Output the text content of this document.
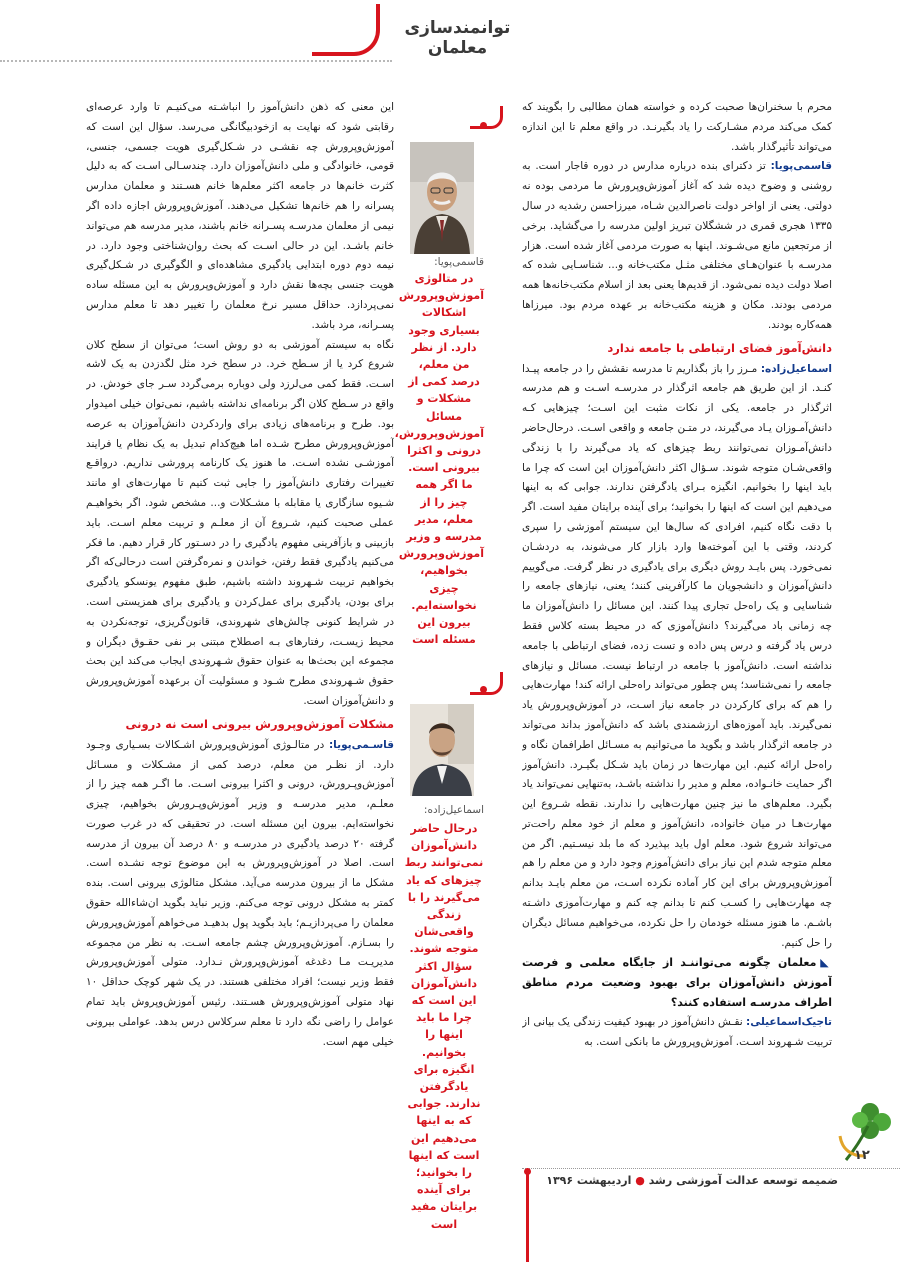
.......
توانمندسازی معلمان

محرم با سخنران‌ها صحبت کرده و خواسته همان مطالبی را بگویند که کمک می‌کند مردم مشـارکت را یاد بگیرنـد. در واقع معلم تا این اندازه می‌تواند تأثیرگذار باشد.

قاسمی‌پویا: تز دکترای بنده درباره مدارس در دوره قاجار است. به روشنی و وضوح دیده شد که آغاز آموزش‌وپرورش ما مردمی بوده نه دولتی. یعنی از اواخر دولت ناصرالدین شـاه، میرزاحسن رشدیه در سال ۱۳۳۵ هجری قمری در ششگلان تبریز اولین مدرسه را می‌گشاید. برخی از مرتجعین مانع می‌شـوند. اینها به صورت مردمی آغاز شده است. هزار مدرسـه با عنوان‌هـای مختلفی مثـل مکتب‌خانه و... شناسـایی شده که اصلا دولت دیده نمی‌شود. از قدیم‌ها یعنی بعد از اسلام مکتب‌خانه‌ها همه مردمی بودند. مکان و هزینه مکتب‌خانه بر عهده مردم بود. میرزاها همه‌کاره بودند.

دانش‌آموز فضای ارتباطی با جامعه ندارد

اسماعیل‌زاده: مـرز را باز بگذاریم تا مدرسه نقشش را در جامعه پیـدا کنـد. از این طریق هم جامعه اثرگذار در مدرسـه اسـت و هم مدرسه اثرگذار در جامعه. یکی از نکات مثبت این اسـت؛ چیزهایی کـه دانش‌آمـوزان یـاد می‌گیرند، در متـن جامعه و واقعی اسـت. درحال‌حاضر دانش‌آمـوزان نمی‌توانند ربط چیزهای که یاد می‌گیرند را با زندگی واقعی‌شـان متوجه شوند. سـؤال اکثر دانش‌آموزان این است که چرا ما باید اینها را بخوانیم. انگیزه بـرای یادگرفتن ندارند. جوابی که به اینها می‌دهیم این است که اینها را بخوانید؛ برای آینده برایتان مفید است. اگر با دقت نگاه کنیم، افرادی که سال‌ها این سیستم آموزشی را سپری کردند، وقتی با این آموخته‌ها وارد بازار کار می‌شوند، به دردشـان نمی‌خورد. پس بایـد روش دیگری برای یادگیری در نظر گرفت. می‌گوییم دانش‌آموزان و دانشجویان ما کارآفرینی کنند؛ یعنی، نیازهای جامعه را شناسایی و یک راه‌حل تجاری پیدا کنند. این مسائل را دانش‌آموزان ما چه زمانی باد می‌گیرند؟ دانش‌آموزی که در محیط بسته کلاس فقط درس یاد گرفته و درس پس داده و تست زده، فضای ارتباطی با جامعه نداشته است. دانش‌آموز با جامعه در ارتباط نیست. مسائل و نیازهای جامعه را نمی‌شناسد؛ پس چطور می‌تواند راه‌حلی ارائه کند! مهارت‌هایی را هم که برای کارکردن در جامعه نیاز اسـت، در آموزش‌وپرورش یاد نمی‌گیرند. باید آموزه‌های ارزشمندی باشد که دانش‌آموز بداند می‌تواند در جامعه اثرگذار باشد و بگوید ما می‌توانیم به مسـائل اطرافمان نگاه و راه‌حل ارائه کنیم. این مهارت‌ها در زمان باید شـکل بگیـرد. دانش‌آموز اگر حمایت خانـواده، معلم و مدیر را نداشته باشـد، به‌تنهایی نمی‌تواند یاد بگیرد. معلم‌های ما نیز چنین مهارت‌هایی را ندارند. نقطه شـروع این مهارت‌هـا در میان خانواده، دانش‌آموز و معلم از خود معلم راحت‌تر می‌تواند شروع شود. معلم اول باید بپذیرد که ما بلد نیسـتیم. اگر من معلم متوجه شدم این نیاز برای دانش‌آموزم وجود دارد و من معلم را هم آموزش‌وپرورش برای این کار آماده نکرده اسـت، من معلم بایـد بدانم چه مهارت‌هایی را کسـب کنم تا بدانم چه کنم و مهارت‌آموزی داشـته باشـم. ما هنوز مسئله خودمان را حل نکرده، می‌خواهیم مسائل دیگران را حل کنیم.

◣ معلمان چگونه می‌تواننـد از جایگاه معلمی و فرصت آموزش دانش‌آموزان برای بهبود وضعیت مردم مناطق اطراف مدرسـه استفاده کنند؟

تاجیک‌اسماعیلی: نقـش دانش‌آموز در بهبود کیفیت زندگی یک بیانی از تربیت شـهروند اسـت. آموزش‌وپرورش ما بانکی است. به

این معنی که ذهن دانش‌آموز را انباشـته می‌کنیـم تا وارد عرصه‌ای رقابتی شود که نهایت به ازخودبیگانگی می‌رسد. سؤال این است که آموزش‌وپرورش چه نقشـی در شـکل‌گیری هویت جسمی، جنسی، قومی، خانوادگی و ملی دانش‌آموزان دارد. چندسـالی اسـت که به دلیل کثرت خانم‌ها در جامعه اکثر معلم‌ها خانم هسـتند و معلمان مدارس پسرانه را هم خانم‌ها تشکیل می‌دهند. آموزش‌وپرورش اجازه داده اگر نیمی از معلمان مدرسـه پسـرانه خانم باشند، مدیر مدرسه هم می‌تواند خانم باشـد. این در حالی اسـت که بحث روان‌شناختی وجود دارد. در نیمه دوم دوره ابتدایی یادگیری مشاهده‌ای و الگوگیری در شـکل‌گیری هویت جنسی بچه‌ها نقش دارد و آموزش‌وپرورش به این مسئله ساده نمی‌پردازد. حداقل مسیر نرخ معلمان را تغییر دهد تا معلم مدارس پسـرانه، مرد باشد.

نگاه به سیستم آموزشی به دو روش است؛ می‌توان از سطح کلان شروع کرد یا از سـطح خرد. در سطح خرد مثل لگدزدن به یک لاشه اسـت. فقط کمی می‌لرزد ولی دوباره برمی‌گردد سـر جای خودش. در واقع در سـطح کلان اگر برنامه‌ای نداشته باشیم، نمی‌توان خیلی امیدوار بود. طرح و برنامه‌های زیادی برای واردکردن دانش‌آموزان به عرصه آموزش‌وپرورش مطرح شـده اما هیچ‌کدام تبدیل به یک نظام یا فرایند آموزشـی نشده اسـت. ما هنوز یک کارنامه پرورشی نداریم. درواقـع تغییرات رفتاری دانش‌آموز را جایی ثبت کنیم تا مهارت‌های او مانند شـیوه سازگاری یا مقابله با مشـکلات و... مشخص شود. اگر بخواهیـم عملی صحبت کنیم، شـروع آن از معلـم و تربیت معلم اسـت. باید بازبینی و بازآفرینی مفهوم یادگیری را در دسـتور کار قرار دهیم. ما فکر می‌کنیم یادگیری فقط رفتن، خواندن و نمره‌گرفتن است درحالی‌که اگر بخواهیم تربیت شـهروند داشته باشیم، طبق مفهوم یونسکو یادگیری برای بودن، یادگیری برای عمل‌کردن و یادگیری برای همزیستی است. در شرایط کنونی چالش‌های شهروندی، قانون‌گریزی، توجه‌نکردن به محیط زیسـت، رفتارهای بـه اصطلاح مبتنی بر نفی حقـوق دیگران و مجموعه این بحث‌ها به عنوان حقوق شـهروندی ایجاب می‌کند این بحث حقوق شـهروندی مطرح شـود و مسئولیت آن برعهده آموزش‌وپرورش و دانش‌آموزان است.

مشکلات آموزش‌وپرورش بیرونی است نه درونی

قاسـمی‌پویا: در متالـوژی آموزش‌وپرورش اشـکالات بسـیاری وجـود دارد. از نظـر من معلم، درصد کمی از مشـکلات و مسـائل آموزش‌وپـرورش، درونی و اکثرا بیرونی اسـت. ما اگـر همه چیز را از معلـم، مدیر مدرسـه و وزیر آموزش‌وپـرورش بخواهیم، چیزی نخواسته‌ایم. بیرون این مسئله است. در تحقیقی که در غرب صورت گرفته ۲۰ درصد یادگیری در مدرسـه و ۸۰ درصد آن بیرون از مدرسه است. اصلا در آموزش‌وپرورش به این موضوع توجه نشـده است. مشکل ما از بیرون مدرسه می‌آید. مشکل متالوژی بیرونی است. بنده کمتر به مشکل درونی توجه می‌کنم. وزیر نباید بگوید ان‌شاءالله حقوق معلمان را می‌پردازیـم؛ باید بگوید پول بدهیـد می‌خواهم آموزش‌وپرورش را بسـازم. آموزش‌وپرورش چشم جامعه اسـت. به نظر من مجموعه مدیریـت مـا دغدغه آموزش‌وپرورش نـدارد. متولی آموزش‌وپرورش فقط وزیر نیست؛ افراد مختلفی هستند. در یک شهر کوچک حداقل ۱۰ نهاد متولی آموزش‌وپرورش هسـتند. رئیس آموزش‌وپروش باید تمام عوامل را راضی نگه دارد تا معلم سرکلاس درس بدهد. عواملی بیرونی خیلی مهم است.

قاسمی‌پویا:
در متالوژی آموزش‌وپرورش اشکالات بسیاری وجود دارد. از نظر من معلم، درصد کمی از مشکلات و مسائل آموزش‌وپرورش، درونی و اکثرا بیرونی است. ما اگر همه چیز را از معلم، مدیر مدرسه و وزیر آموزش‌وپرورش بخواهیم، چیزی نخواسته‌ایم. بیرون این مسئله است
اسماعیل‌زاده:
درحال حاضر دانش‌آموزان نمی‌توانند ربط چیزهای که یاد می‌گیرند را با زندگی واقعی‌شان متوجه شوند. سؤال اکثر دانش‌آموزان این است که چرا ما باید اینها را بخوانیم. انگیزه برای یادگرفتن ندارند. جوابی که به اینها می‌دهیم این است که اینها را بخوانید؛ برای آینده برایتان مفید است
۱۲
ضمیمه توسعه عدالت آموزشی رشد ● اردیبهشت ۱۳۹۶
